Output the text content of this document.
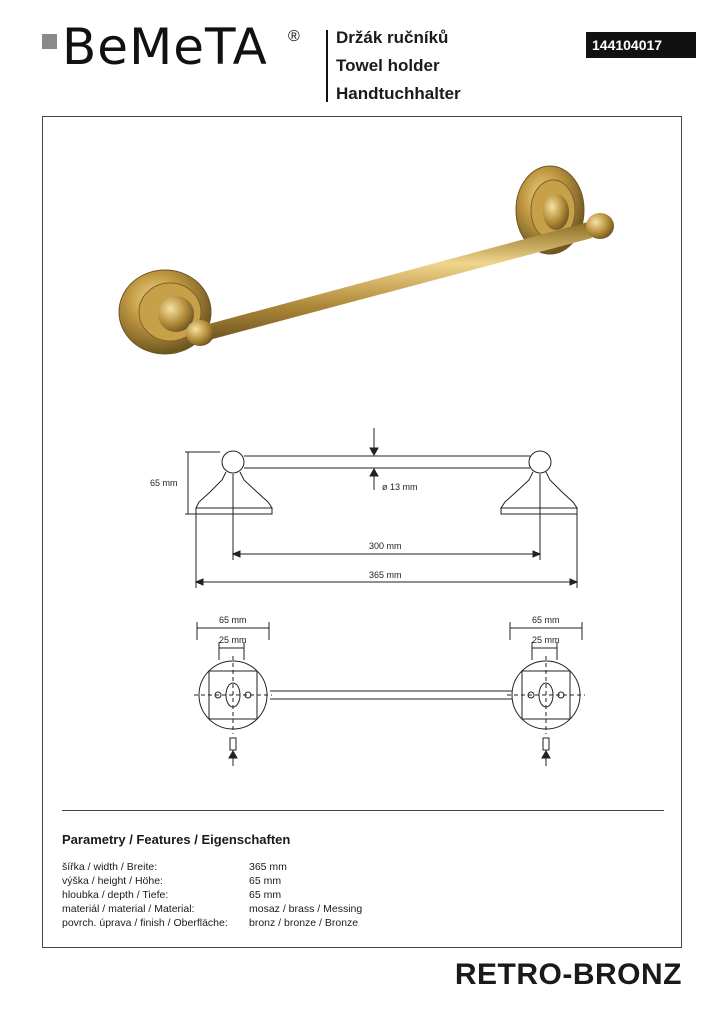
BeMeTA ® Držák ručníků
Towel holder
Handtuchhalter
144104017
65 mm	ø 13 mm
300 mm
365 mm
65 mm
25 mm
65 mm
25 mm
Parametry / Features / Eigenschaften
šířka / width / Breite:	365 mm
výška / height / Höhe:	65 mm
hloubka / depth / Tiefe:	65 mm
materiál / material / Material:	mosaz / brass / Messing
povrch. úprava / finish / Oberfläche: bronz / bronze / Bronze
RETRO-BRONZ
